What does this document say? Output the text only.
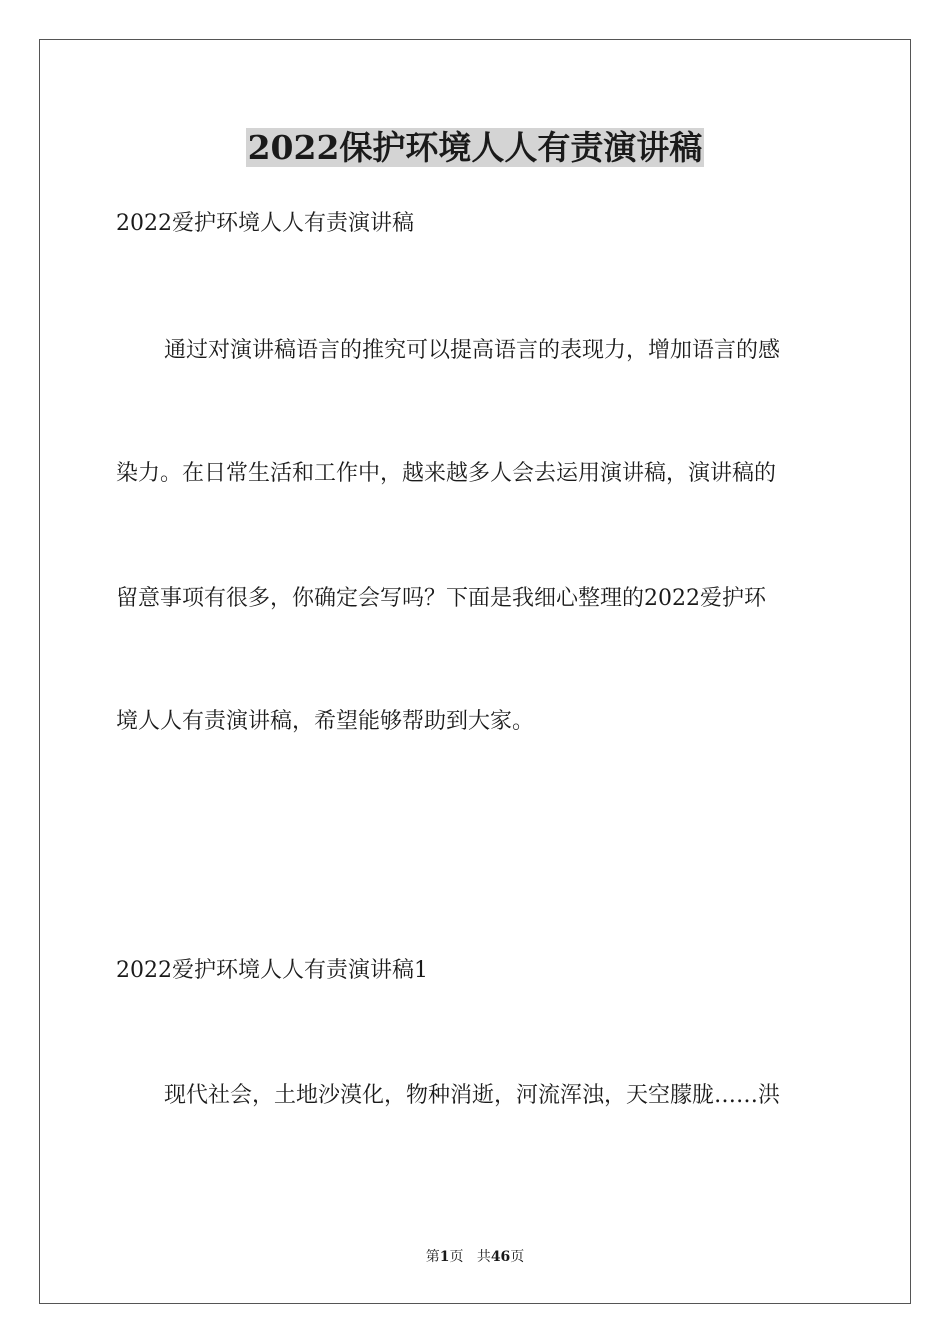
2022保护环境人人有责演讲稿
2022爱护环境人人有责演讲稿
通过对演讲稿语言的推究可以提高语言的表现力，增加语言的感
染力。在日常生活和工作中，越来越多人会去运用演讲稿，演讲稿的
留意事项有很多，你确定会写吗？下面是我细心整理的2022爱护环
境人人有责演讲稿，希望能够帮助到大家。
2022爱护环境人人有责演讲稿1
现代社会，土地沙漠化，物种消逝，河流浑浊，天空朦胧……洪
第1页 共46页
